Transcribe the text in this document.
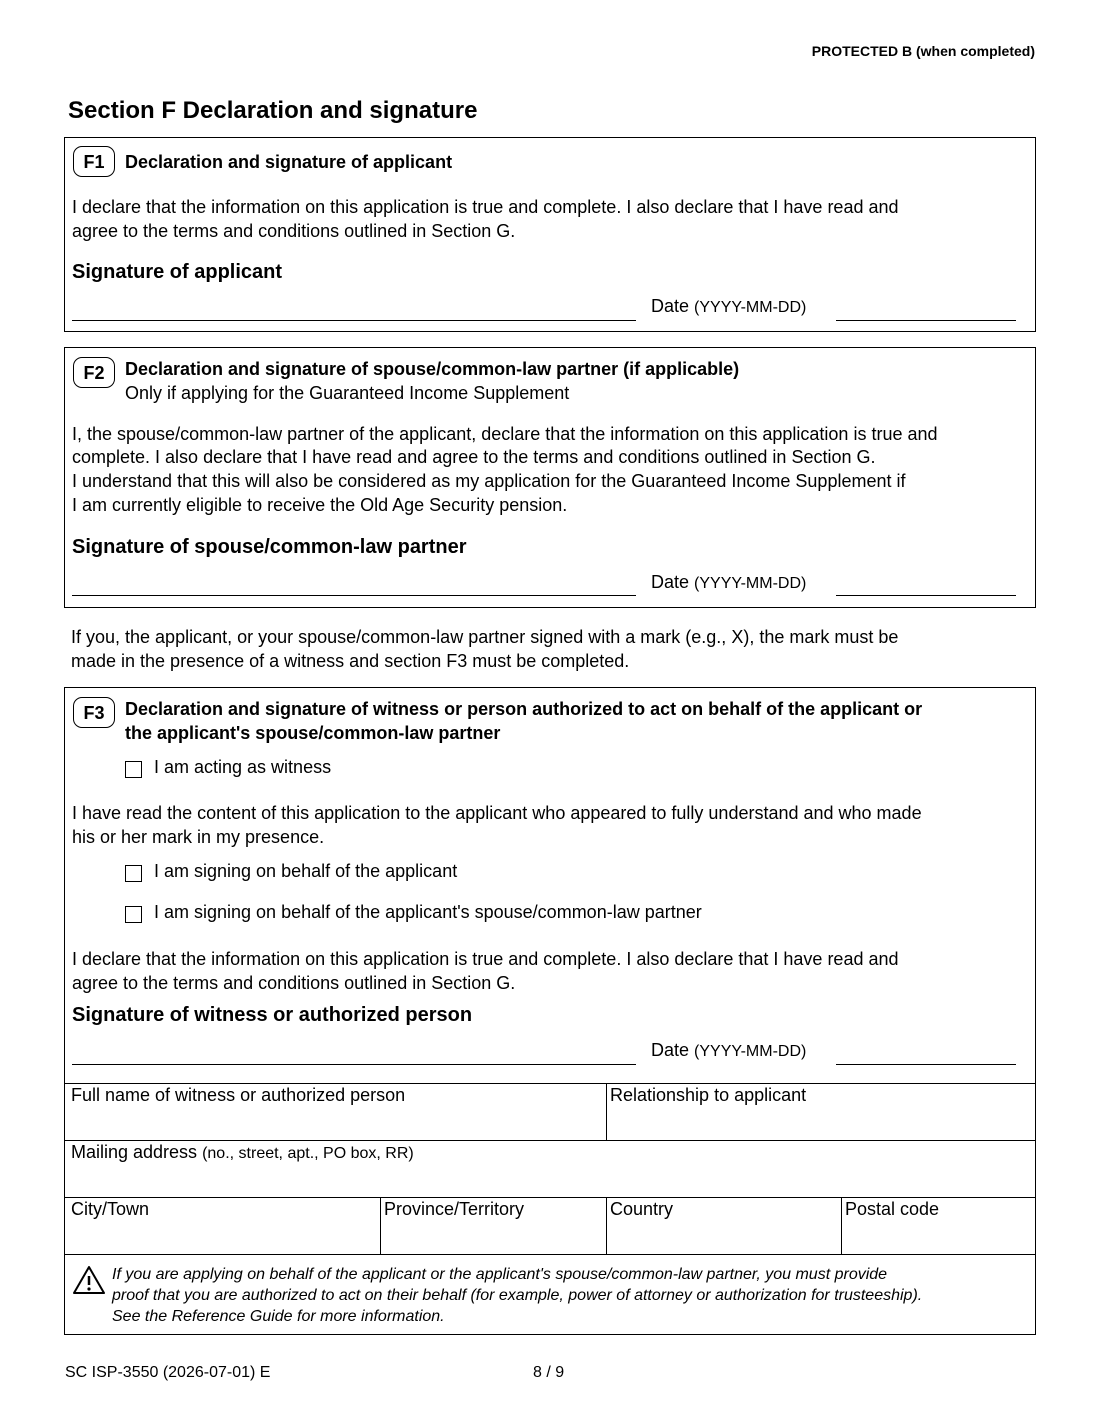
PROTECTED B (when completed)
Section F Declaration and signature
F1	Declaration and signature of applicant
I declare that the information on this application is true and complete. I also declare that I have read and
agree to the terms and conditions outlined in Section G.
Signature of applicant
Date (YYYY-MM-DD)
F2	Declaration and signature of spouse/common-law partner (if applicable)
Only if applying for the Guaranteed Income Supplement
I, the spouse/common-law partner of the applicant, declare that the information on this application is true and
complete. I also declare that I have read and agree to the terms and conditions outlined in Section G.
I understand that this will also be considered as my application for the Guaranteed Income Supplement if
I am currently eligible to receive the Old Age Security pension.
Signature of spouse/common-law partner
Date (YYYY-MM-DD)
If you, the applicant, or your spouse/common-law partner signed with a mark (e.g., X), the mark must be
made in the presence of a witness and section F3 must be completed.
F3	Declaration and signature of witness or person authorized to act on behalf of the applicant or
the applicant's spouse/common-law partner
I am acting as witness
I have read the content of this application to the applicant who appeared to fully understand and who made
his or her mark in my presence.
I am signing on behalf of the applicant
I am signing on behalf of the applicant's spouse/common-law partner
I declare that the information on this application is true and complete. I also declare that I have read and
agree to the terms and conditions outlined in Section G.
Signature of witness or authorized person
Date (YYYY-MM-DD)
Full name of witness or authorized person	Relationship to applicant
Mailing address (no., street, apt., PO box, RR)
City/Town	Province/Territory	Country	Postal code
If you are applying on behalf of the applicant or the applicant's spouse/common-law partner, you must provide
proof that you are authorized to act on their behalf (for example, power of attorney or authorization for trusteeship).
See the Reference Guide for more information.
SC ISP-3550 (2026-07-01) E	8 / 9
